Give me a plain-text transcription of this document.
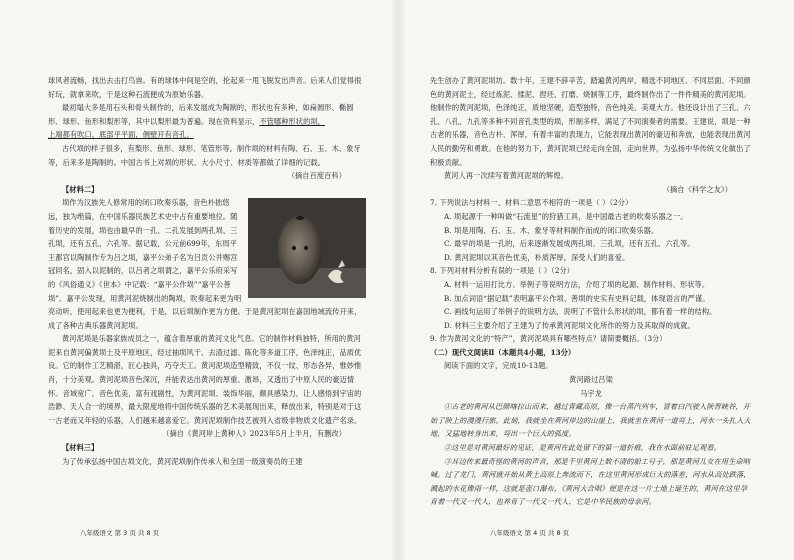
球风者流畅，找出去击打鸟兽。有的球体中间是空的，抡起来一甩飞脱发出声音。后来人们觉得很好玩，就拿来吹，于是这种石流便成为原始乐器。

最初塌大多是用石头和骨头制作的，后来发展成为陶制的，形状也有多种，如扁圆形、椭圆形、球形、鱼形和梨形等，其中以梨形最为普遍。现在资料显示，不管哪种形状的埙，

上端都有吹口，底部平平面，侧壁开有音孔。

古代埙的样子很多，有梨形、鱼形、球形、笔管形等。制作埙的材料有陶、石、玉、木、象牙等，后来多是陶制的。中国古书上对埙的形状、大小尺寸、材质等都做了详细的记载。

（摘自百度百科）

【材料二】

埙作为汉族先人修常用的闭口吹奏乐器，音色朴拙悠远，独为绝篇，在中国乐器民族艺术史中占有重要地位。随着历史的发展，埙也由最早的一孔、二孔发展到两孔埙、三孔埙，还有五孔、六孔等。据记载，公元前699年，东周平王都宫以陶制作专为吕之埙，嘉平公弟子名为吕贡公并赐宫冠同名，固入以泥制的，以吕者之埙谓之，嘉平公乐府采写的《风俗通义》《世本》中记载：“嘉平公作埙”“嘉平公善埙”。嘉平公发现，用黄河泥烧制出的陶埙，吹奏起来更为明亮动听，使用起来也更为便利，于是，以后埙制作更为方便。于是黄河泥埙在嘉国地域流传开来，成了各种古典乐器黄河泥埙。

黄河泥埙是乐器家族成员之一，蕴含着厚重的黄河文化气息。它的制作材料独特，所用的黄河泥来自黄河偏黄埙土及平原地区，经过抽埙风干、去渣过滤、陈化等多道工序，色泽纯正，品质优良。它的制作工艺精湛，匠心独具，巧夺天工。黄河泥埙造型精致，不仅一纹、形态各异，惟妙惟肖，十分美观。黄河泥埙音色深沉，并能表达出黄河的厚重、激昂，又透出了中原人民的豪迈情怀。音域宽广，音色优美，富有戏剧性，为黄河泥埙、装饰华丽，颇具感染力，让人感悟到宇宙的浩渺、天人合一的境界，最大限度地将中国传统乐器的艺术美展现出来，释放出来，特别是对于这一古老而又年轻的乐器，人们越来越喜爱它。黄河泥埙制作技艺被列入省级非物质文化遗产名录。

（摘自《黄河岸上黄种人》2023年5月上半月，有删改）

【材料三】

为了传承弘扬中国古埙文化，黄河泥埙制作传承人和全国一级演奏员的王建

八年级语文 第 3 页 共 8 页	八年级语文 第 4 页 共 8 页

先生创办了黄河泥埙坊。数十年，王建不辞辛苦，踏遍黄河两岸，精选不同地区、不同层面、不同颜色的黄河泥土，经过炼泥、揉泥、捏坯、打磨、烧制等工序，最终制作出了一件件精美的黄河泥埙。他制作的黄河泥埙，色泽纯正，质地坚硬，造型独特，音色纯美、美观大方。他还设计出了三孔、六孔、八孔、九孔等多种不同音孔类型的埙，形制多样，满足了不同演奏者的需要。王建说，埙是一种古老的乐器，音色古朴、浑厚，有着丰富的表现力，它能表现出黄河的豪迈和奔放，也能表现出黄河人民的勤劳和勇敢。在他的努力下，黄河泥埙已经走向全国，走向世界，为弘扬中华传统文化做出了积极贡献。

黄河人再一次续写着黄河泥埙的辉煌。

（摘自《科学之友》）

7. 下列说法与材料一、材料二意思不相符的一项是（ ）（2分）

A. 埙起源于一种叫做“石流星”的狩猎工具，是中国最古老的吹奏乐器之一。

B. 埙是用陶、石、玉、木、象牙等材料制作而成的闭口吹奏乐器。

C. 最早的埙是一孔的，后来逐渐发展成两孔埙、三孔埙，还有五孔、六孔等。

D. 黄河泥埙以其音色优美，朴质浑厚，深受人们的喜爱。

8. 下列对材料分析有误的一项是（ ）（2分）

A. 材料一运用打比方、举例子等说明方法，介绍了埙的起源、制作材料、形状等。

B. 加点词语“据记载”表明嘉平公作埙、善埙的史实有史料记载，体现语言的严谨。

C. 画线句运用了举例子的说明方法，说明了不管什么形状的埙，都有着一样的结构。

D. 材料三主要介绍了王建为了传承黄河泥埙文化所作的努力及其取得的成就。

9. 作为黄河文化的“特产”，黄河泥埙具有哪些特点？请简要概括。（3分）

（二）现代文阅读Ⅱ（本题共4小题，13分）

阅读下面的文字，完成10-13题。

黄河路过吕梁

马宇龙

①古老的黄河从巴颜喀拉山而来，越过青藏高原，像一台蒸汽列车，冒着白汽驶入陕晋峡谷，开始了陕上的漫漫行旅。此刻，我就坐在黄河岸边的山崖上，我就坐在黄河一道弯上，河水一头扎入大地，又猛地转身出来，弯出一个巨大的弧度。

②这里是对黄河最好的见证，是黄河在此处留下的第一道折痕，我在水面前驻足观看。

③耳边传来最奇怪的黄河的声音，那是千里黄河上数不清的船工号子，那是黄河儿女在用生命呐喊。过了龙门，黄河就开始从黄土高原上奔流而下，在这里黄河形成巨大的落差，河水从高处跌落，溅起的水花像雨一样，这就是壶口瀑布，《黄河大合唱》便是在这一片土地上诞生的，黄河在这里孕育着一代又一代人，也养育了一代又一代人，它是中华民族的母亲河。
